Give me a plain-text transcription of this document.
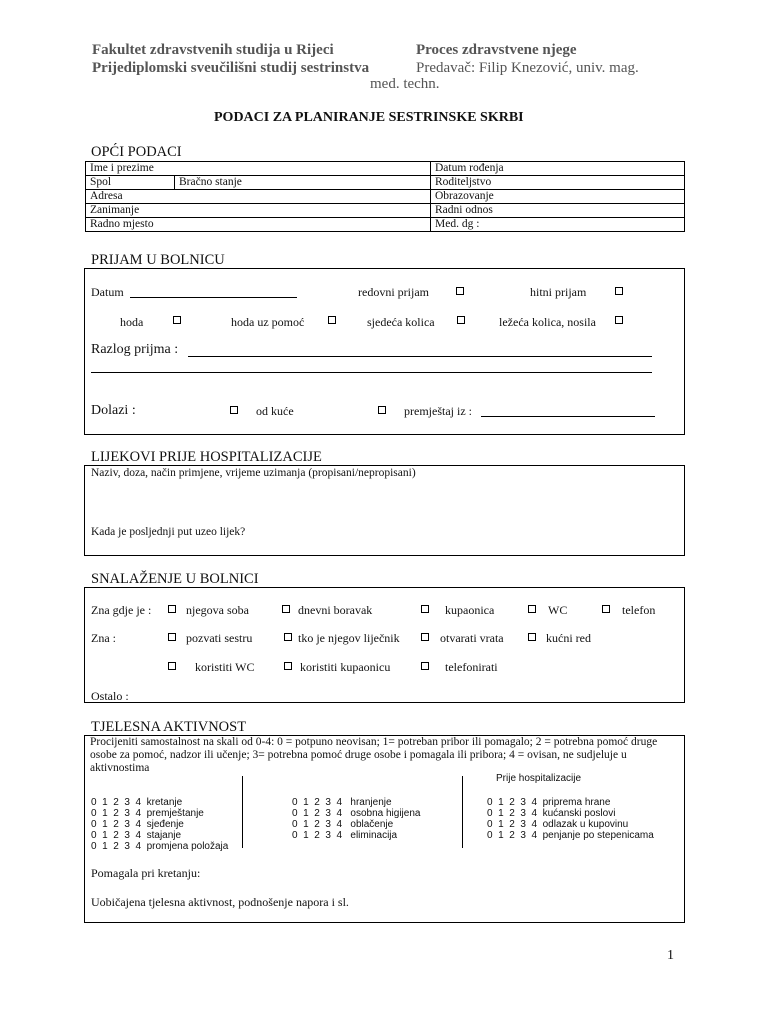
Fakultet zdravstvenih studija u Rijeci
Prijediplomski sveučilišni studij sestrinstva
Proces zdravstvene njege
Predavač: Filip Knezović, univ. mag.
med. techn.
PODACI ZA PLANIRANJE SESTRINSKE SKRBI
OPĆI PODACI
Ime i prezime		Datum rođenja
Spol	Bračno stanje	Roditeljstvo
Adresa		Obrazovanje
Zanimanje		Radni odnos
Radno mjesto		Med. dg :
PRIJAM U BOLNICU
Datum	redovni prijam	hitni prijam
hoda	hoda uz pomoć	sjedeća kolica	ležeća kolica, nosila
Razlog prijma :
Dolazi :	od kuće	premještaj iz :
LIJEKOVI PRIJE HOSPITALIZACIJE
Naziv, doza, način primjene, vrijeme uzimanja (propisani/nepropisani)
Kada je posljednji put uzeo lijek?
SNALAŽENJE U BOLNICI
Zna gdje je :	njegova soba	dnevni boravak	kupaonica	WC	telefon
Zna :	pozvati sestru	tko je njegov liječnik	otvarati vrata	kućni red
koristiti WC	koristiti kupaonicu	telefonirati
Ostalo :
TJELESNA AKTIVNOST
Procijeniti samostalnost na skali od 0-4: 0 = potpuno neovisan; 1= potreban pribor ili pomagalo; 2 = potrebna pomoć druge
osobe za pomoć, nadzor ili učenje; 3= potrebna pomoć druge osobe i pomagala ili pribora; 4 = ovisan, ne sudjeluje u
aktivnostima
Prije hospitalizacije
0  1  2  3  4 kretanje
0  1  2  3  4 premještanje
0  1  2  3  4 sjeđenje
0  1  2  3  4 stajanje
0  1  2  3  4 promjena položaja
0  1  2  3  4 hranjenje
0  1  2  3  4 osobna higijena
0  1  2  3  4 oblačenje
0  1  2  3  4 eliminacija
0  1  2  3  4 priprema hrane
0  1  2  3  4 kućanski poslovi
0  1  2  3  4 odlazak u kupovinu
0  1  2  3  4 penjanje po stepenicama
Pomagala pri kretanju:
Uobičajena tjelesna aktivnost, podnošenje napora i sl.
1
